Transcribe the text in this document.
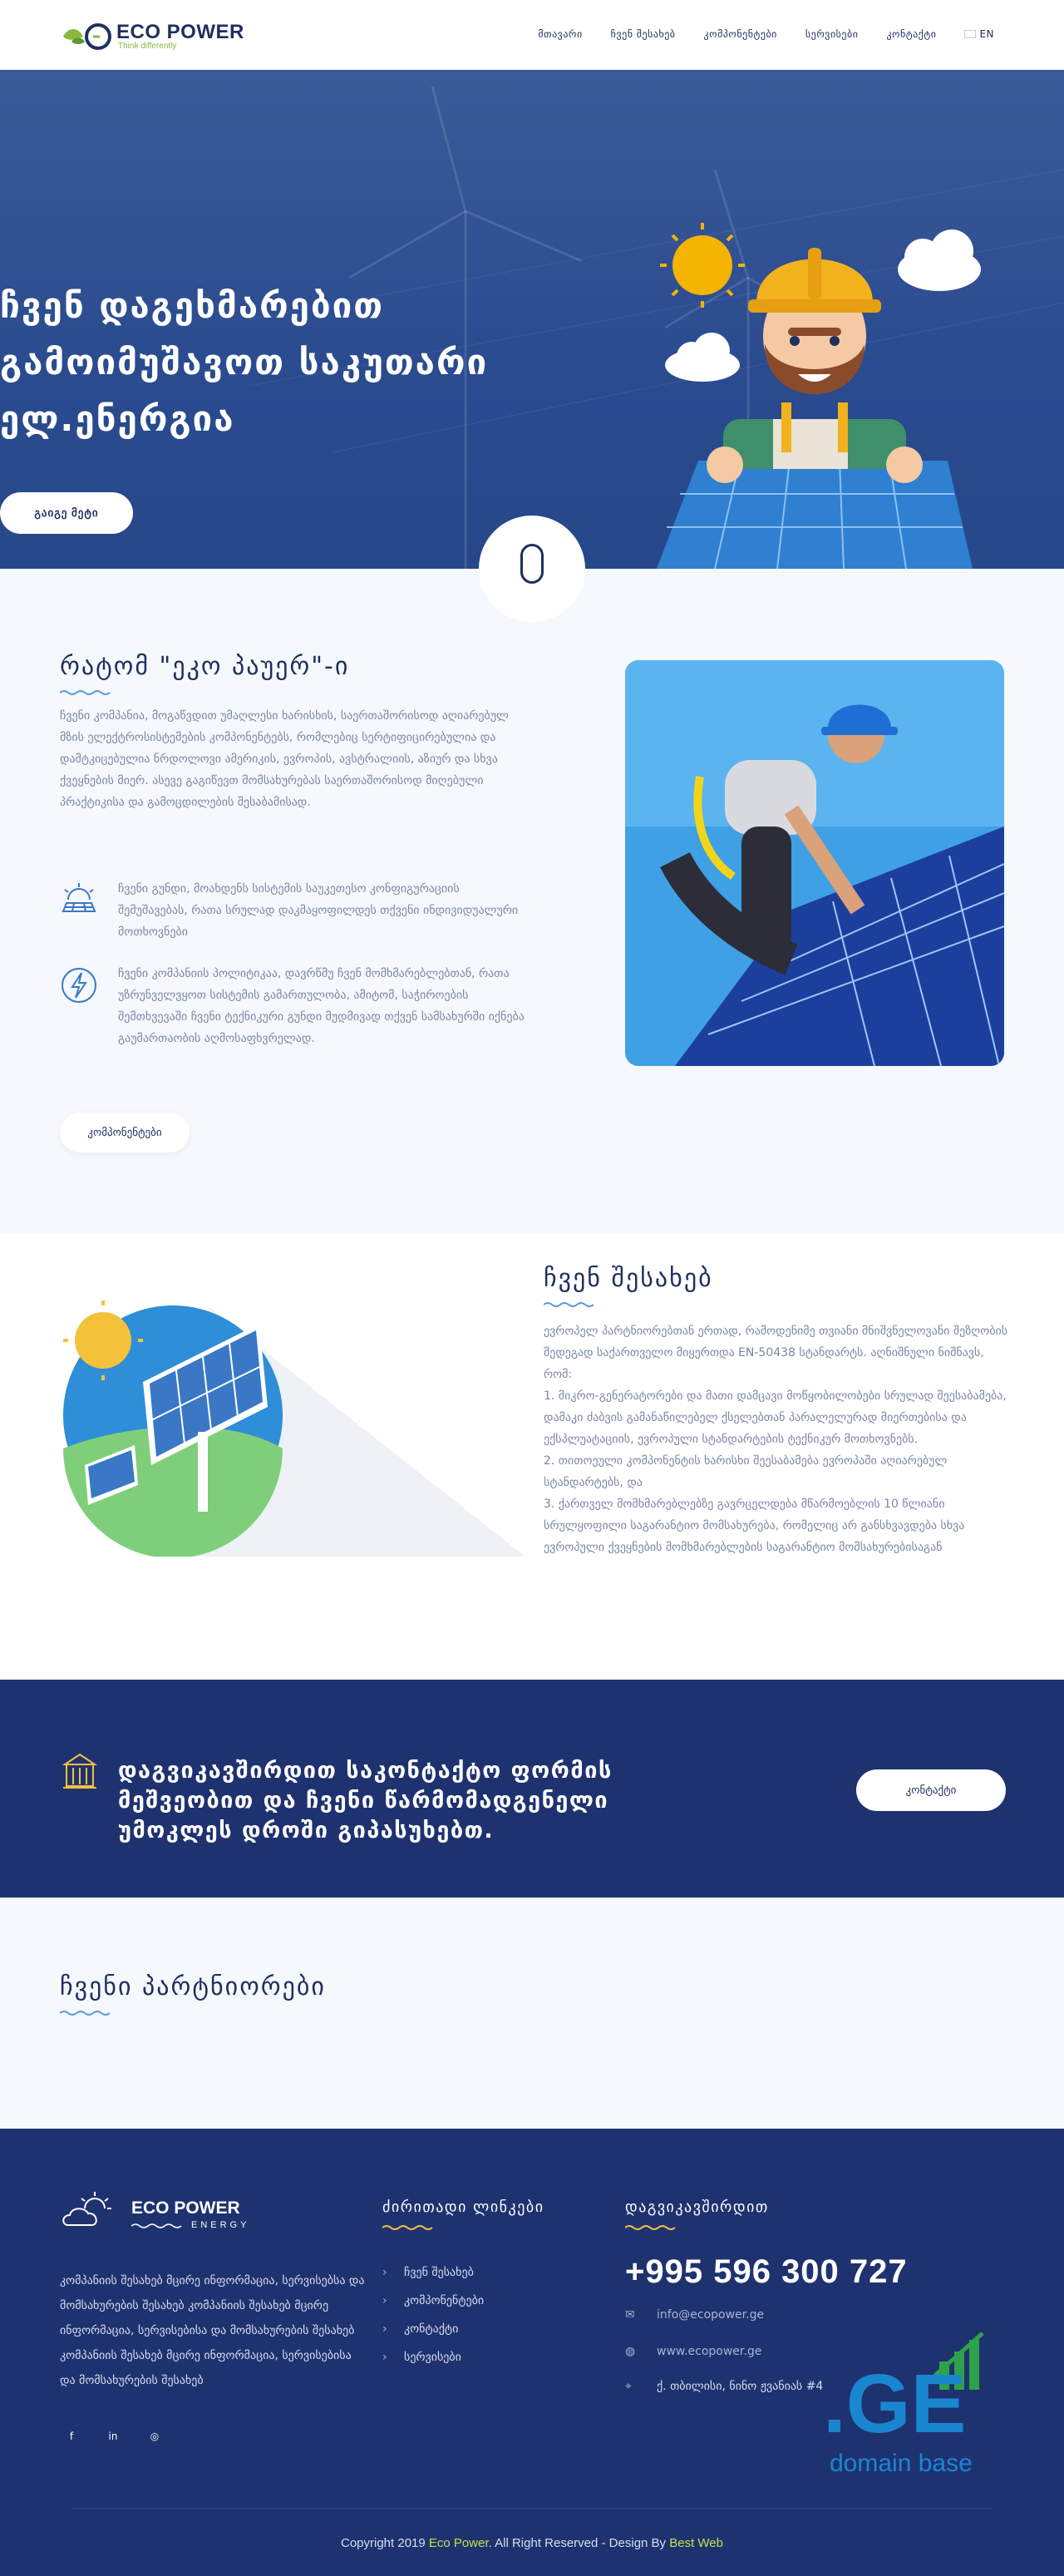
ECO POWER
Think differently
მთავარი	ჩვენ შესახებ	კომპონენტები	სერვისები	კონტაქტი	EN
ჩვენ დაგეხმარებით გამოიმუშავოთ საკუთარი ელ.ენერგია
გაიგე მეტი
რატომ "ეკო პაუერ"-ი

ჩვენი კომპანია, მოგაწვდით უმაღლესი ხარისხის, საერთაშორისოდ აღიარებულ მზის ელექტროსისტემების კომპონენტებს, რომლებიც სერტიფიცირებულია და დამტკიცებულია ნრდოლოვი ამერიკის, ევროპის, ავსტრალიის, აზიურ და სხვა ქვეყნების მიერ. ასევე გაგიწევთ მომსახურებას საერთაშორისოდ მიღებული პრაქტიკისა და გამოცდილების შესაბამისად.

ჩვენი გუნდი, მოახდენს სისტემის საუკეთესო კონფიგურაციის შემუშავებას, რათა სრულად დაკმაყოფილდეს თქვენი ინდივიდუალური მოთხოვნები

ჩვენი კომპანიის პოლიტიკაა, დავრწმუ ჩვენ მომხმარებლებთან, რათა უზრუნველვყოთ სისტემის გამართულობა, ამიტომ, საჭიროების შემთხვევაში ჩვენი ტექნიკური გუნდი მუდმივად თქვენ სამსახურში იქნება გაუმართაობის აღმოსაფხვრელად.

კომპონენტები
ჩვენ შესახებ
ევროპელ პარტნიორებთან ერთად, რამოდენიმე თვიანი მნიშვნელოვანი შეზღობის შედეგად საქართველო მიყერთდა EN-50438 სტანდარტს. აღნიშნული ნიშნავს, რომ:
1. მიკრო-გენერატორები და მათი დამცავი მოწყობილობები სრულად შეესაბამება, დამაკი ძაბვის გამანაწილებელ ქსელებთან პარალელურად მიერთებისა და ექსპლუატაციის, ევროპული სტანდარტების ტექნიკურ მოთხოვნებს.
2. თითოეული კომპონენტის ხარისხი შეესაბამება ევროპაში აღიარებულ სტანდარტებს, და
3. ქართველ მომხმარებლებზე გავრცელდება მწარმოებლის 10 წლიანი სრულყოფილი საგარანტიო მომსახურება, რომელიც არ განსხვავდება სხვა ევროპული ქვეყნების მომხმარებლების საგარანტიო მომსახურებისაგან
დაგვიკავშირდით საკონტაქტო ფორმის მეშვეობით და ჩვენი წარმომადგენელი უმოკლეს დროში გიპასუხებთ.
კონტაქტი
ჩვენი პარტნიორები
ECO POWER
ENERGY

კომპანიის შესახებ მცირე ინფორმაცია, სერვისებსა და მომსახურების შესახებ კომპანიის შესახებ მცირე ინფორმაცია, სერვისებისა და მომსახურების შესახებ კომპანიის შესახებ მცირე ინფორმაცია, სერვისებისა და მომსახურების შესახებ

f	in	◎
ძირითადი ლინკები
› ჩვენ შესახებ
› კომპონენტები
› კონტაქტი
› სერვისები
დაგვიკავშირდით
+995 596 300 727
✉ info@ecopower.ge
◍ www.ecopower.ge
⌖ ქ. თბილისი, ნინო ჟვანიას #4 .GE
domain base
Copyright 2019 Eco Power. All Right Reserved - Design By Best Web
